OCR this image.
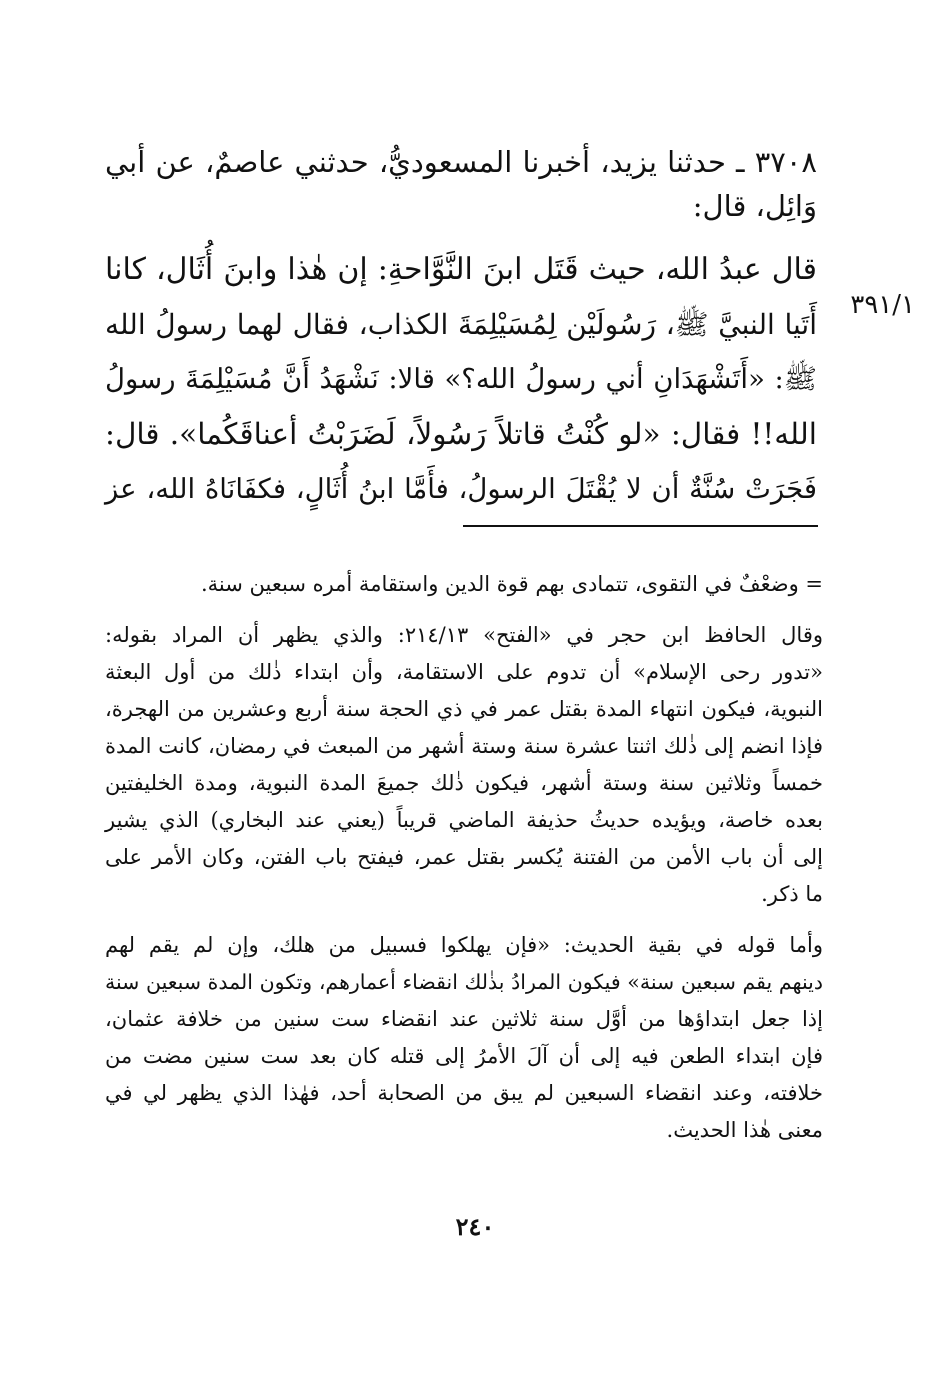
٣٧٠٨ ـ حدثنا يزيد، أخبرنا المسعوديُّ، حدثني عاصمٌ، عن أبي
وَائِل، قال:
قال عبدُ الله، حيث قَتَل ابنَ النَّوَّاحةِ: إن هٰذا وابنَ أُثَال، كانا
أَتَيا النبيَّ ﷺ، رَسُولَيْن لِمُسَيْلِمَةَ الكذاب، فقال لهما رسولُ الله
ﷺ: «أَتَشْهَدَانِ أني رسولُ الله؟» قالا: نَشْهَدُ أَنَّ مُسَيْلِمَةَ رسولُ
الله!! فقال: «لو كُنْتُ قاتلاً رَسُولاً، لَضَرَبْتُ أعناقَكُما». قال:
فَجَرَتْ سُنَّةٌ أن لا يُقْتَلَ الرسولُ، فأَمَّا ابنُ أُثَالٍ، فكفَانَاهُ الله، عز
٣٩١/١
= وضعْفٌ في التقوى، تتمادى بهم قوة الدين واستقامة أمره سبعين سنة.
وقال الحافظ ابن حجر في «الفتح» ٢١٤/١٣: والذي يظهر أن المراد بقوله:
«تدور رحى الإسلام» أن تدوم على الاستقامة، وأن ابتداء ذٰلك من أول البعثة
النبوية، فيكون انتهاء المدة بقتل عمر في ذي الحجة سنة أربع وعشرين من الهجرة،
فإذا انضم إلى ذٰلك اثنتا عشرة سنة وستة أشهر من المبعث في رمضان، كانت المدة
خمساً وثلاثين سنة وستة أشهر، فيكون ذٰلك جميعَ المدة النبوية، ومدة الخليفتين
بعده خاصة، ويؤيده حديثُ حذيفة الماضي قريباً (يعني عند البخاري) الذي يشير
إلى أن باب الأمن من الفتنة يُكسر بقتل عمر، فيفتح باب الفتن، وكان الأمر على
ما ذكر.
وأما قوله في بقية الحديث: «فإن يهلكوا فسبيل من هلك، وإن لم يقم لهم
دينهم يقم سبعين سنة» فيكون المرادُ بذٰلك انقضاء أعمارهم، وتكون المدة سبعين سنة
إذا جعل ابتداؤها من أوَّل سنة ثلاثين عند انقضاء ست سنين من خلافة عثمان،
فإن ابتداء الطعن فيه إلى أن آلَ الأمرُ إلى قتله كان بعد ست سنين مضت من
خلافته، وعند انقضاء السبعين لم يبق من الصحابة أحد، فهٰذا الذي يظهر لي في
معنى هٰذا الحديث.
٢٤٠
